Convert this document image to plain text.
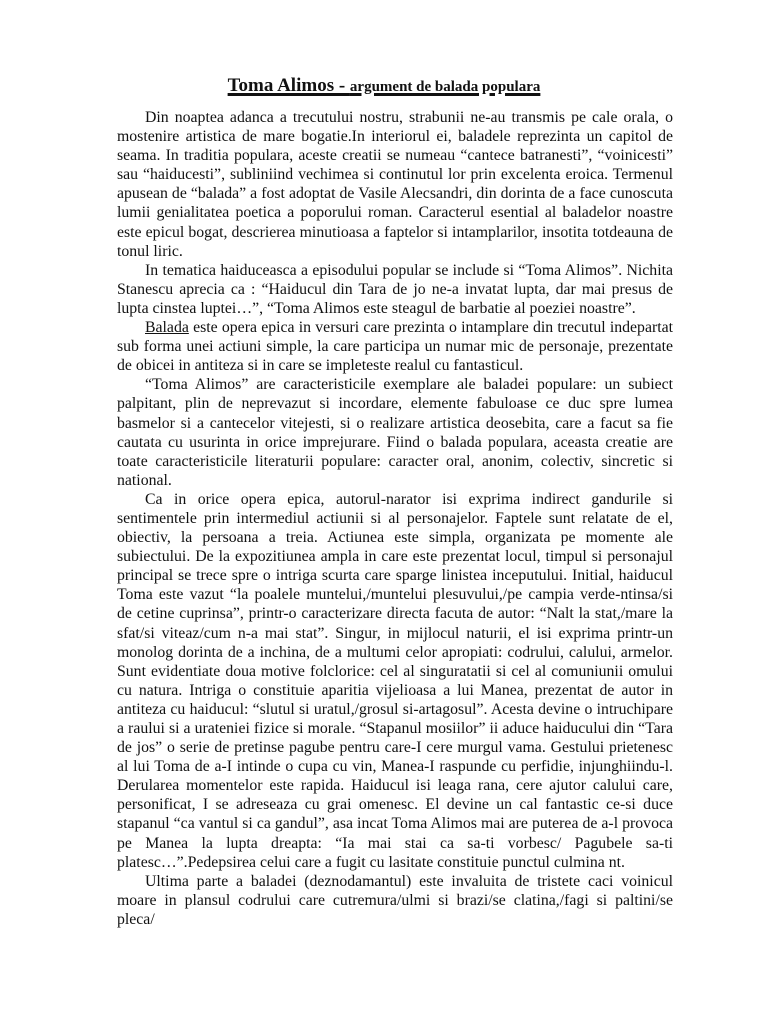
Toma Alimos - argument de balada populara

Din noaptea adanca a trecutului nostru, strabunii ne-au transmis pe cale orala, o mostenire artistica de mare bogatie.In interiorul ei, baladele reprezinta un capitol de seama. In traditia populara, aceste creatii se numeau “cantece batranesti”, “voinicesti” sau “haiducesti”, subliniind vechimea si continutul lor prin excelenta eroica. Termenul apusean de “balada” a fost adoptat de Vasile Alecsandri, din dorinta de a face cunoscuta lumii genialitatea poetica a poporului roman. Caracterul esential al baladelor noastre este epicul bogat, descrierea minutioasa a faptelor si intamplarilor, insotita totdeauna de tonul liric.

In tematica haiduceasca a episodului popular se include si “Toma Alimos”. Nichita Stanescu aprecia ca : “Haiducul din Tara de jo ne-a invatat lupta, dar mai presus de lupta cinstea luptei…”, “Toma Alimos este steagul de barbatie al poeziei noastre”.

Balada este opera epica in versuri care prezinta o intamplare din trecutul indepartat sub forma unei actiuni simple, la care participa un numar mic de personaje, prezentate de obicei in antiteza si in care se impleteste realul cu fantasticul.

“Toma Alimos” are caracteristicile exemplare ale baladei populare: un subiect palpitant, plin de neprevazut si incordare, elemente fabuloase ce duc spre lumea basmelor si a cantecelor vitejesti, si o realizare artistica deosebita, care a facut sa fie cautata cu usurinta in orice imprejurare. Fiind o balada populara, aceasta creatie are toate caracteristicile literaturii populare: caracter oral, anonim, colectiv, sincretic si national.

Ca in orice opera epica, autorul-narator isi exprima indirect gandurile si sentimentele prin intermediul actiunii si al personajelor. Faptele sunt relatate de el, obiectiv, la persoana a treia. Actiunea este simpla, organizata pe momente ale subiectului. De la expozitiunea ampla in care este prezentat locul, timpul si personajul principal se trece spre o intriga scurta care sparge linistea inceputului. Initial, haiducul Toma este vazut “la poalele muntelui,/muntelui plesuvului,/pe campia verde-ntinsa/si de cetine cuprinsa”, printr-o caracterizare directa facuta de autor: “Nalt la stat,/mare la sfat/si viteaz/cum n-a mai stat”. Singur, in mijlocul naturii, el isi exprima printr-un monolog dorinta de a inchina, de a multumi celor apropiati: codrului, calului, armelor. Sunt evidentiate doua motive folclorice: cel al singuratatii si cel al comuniunii omului cu natura. Intriga o constituie aparitia vijelioasa a lui Manea, prezentat de autor in antiteza cu haiducul: “slutul si uratul,/grosul si-artagosul”. Acesta devine o intruchipare a raului si a urateniei fizice si morale. “Stapanul mosiilor” ii aduce haiducului din “Tara de jos” o serie de pretinse pagube pentru care-I cere murgul vama. Gestului prietenesc al lui Toma de a-I intinde o cupa cu vin, Manea-I raspunde cu perfidie, injunghiindu-l. Derularea momentelor este rapida. Haiducul isi leaga rana, cere ajutor calului care, personificat, I se adreseaza cu grai omenesc. El devine un cal fantastic ce-si duce stapanul “ca vantul si ca gandul”, asa incat Toma Alimos mai are puterea de a-l provoca pe Manea la lupta dreapta: “Ia mai stai ca sa-ti vorbesc/ Pagubele sa-ti platesc…”.Pedepsirea celui care a fugit cu lasitate constituie punctul culmina nt.

Ultima parte a baladei (deznodamantul) este invaluita de tristete caci voinicul moare in plansul codrului care cutremura/ulmi si brazi/se clatina,/fagi si paltini/se pleca/
